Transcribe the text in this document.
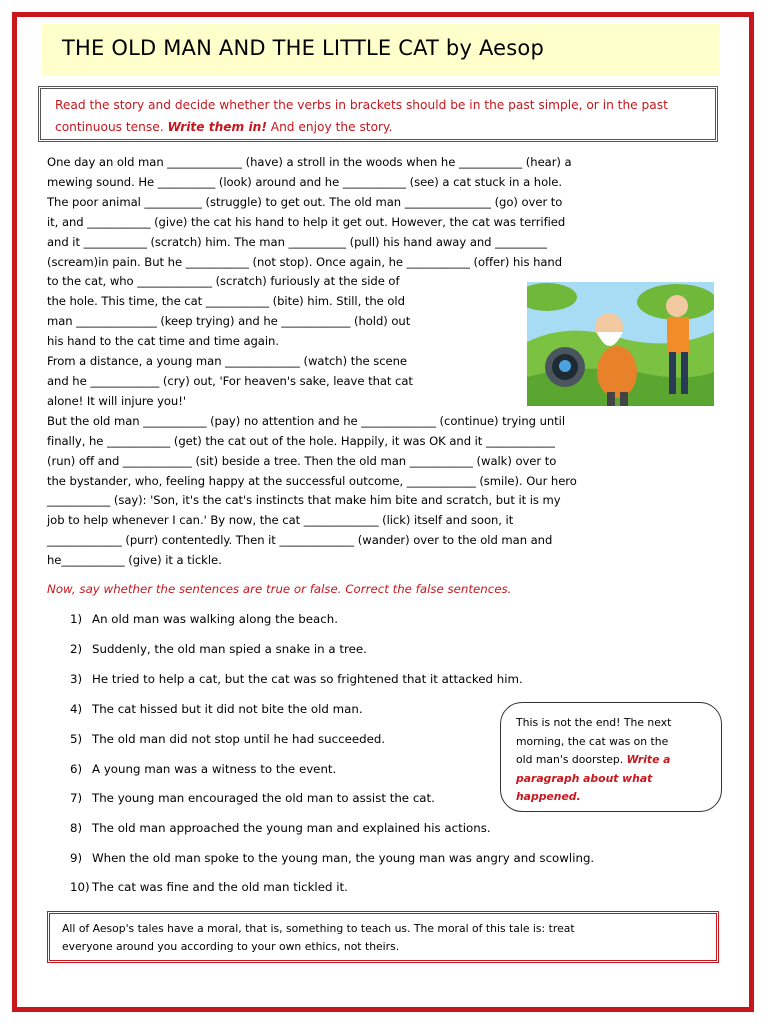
THE OLD MAN AND THE LITTLE CAT by Aesop
Read the story and decide whether the verbs in brackets should be in the past simple, or in the past continuous tense. Write them in! And enjoy the story.
One day an old man _____________ (have) a stroll in the woods when he ___________ (hear) a
mewing sound. He __________ (look) around and he ___________ (see) a cat stuck in a hole.
The poor animal __________ (struggle) to get out. The old man _______________ (go) over to
it, and ___________ (give) the cat his hand to help it get out. However, the cat was terrified
and it ___________ (scratch) him. The man __________ (pull) his hand away and _________
(scream)in pain. But he ___________ (not stop). Once again, he ___________ (offer) his hand
to the cat, who _____________ (scratch) furiously at the side of
the hole. This time, the cat ___________ (bite) him. Still, the old
man ______________ (keep trying) and he ____________ (hold) out
his hand to the cat time and time again.
From a distance, a young man _____________ (watch) the scene
and he ____________ (cry) out, 'For heaven's sake, leave that cat
alone! It will injure you!'
But the old man ___________ (pay) no attention and he _____________ (continue) trying until
finally, he ___________ (get) the cat out of the hole. Happily, it was OK and it ____________
(run) off and ____________ (sit) beside a tree. Then the old man ___________ (walk) over to
the bystander, who, feeling happy at the successful outcome, ____________ (smile). Our hero
___________ (say): 'Son, it's the cat's instincts that make him bite and scratch, but it is my
job to help whenever I can.' By now, the cat _____________ (lick) itself and soon, it
_____________ (purr) contentedly. Then it _____________ (wander) over to the old man and
he___________ (give) it a tickle.
Now, say whether the sentences are true or false. Correct the false sentences.
1) An old man was walking along the beach.
2) Suddenly, the old man spied a snake in a tree.
3) He tried to help a cat, but the cat was so frightened that it attacked him.
4) The cat hissed but it did not bite the old man.
5) The old man did not stop until he had succeeded.
6) A young man was a witness to the event.
7) The young man encouraged the old man to assist the cat.
8) The old man approached the young man and explained his actions.
9) When the old man spoke to the young man, the young man was angry and scowling.
10) The cat was fine and the old man tickled it.
This is not the end! The next
morning, the cat was on the
old man's doorstep. Write a
paragraph about what
happened.
All of Aesop's tales have a moral, that is, something to teach us. The moral of this tale is: treat
everyone around you according to your own ethics, not theirs.
